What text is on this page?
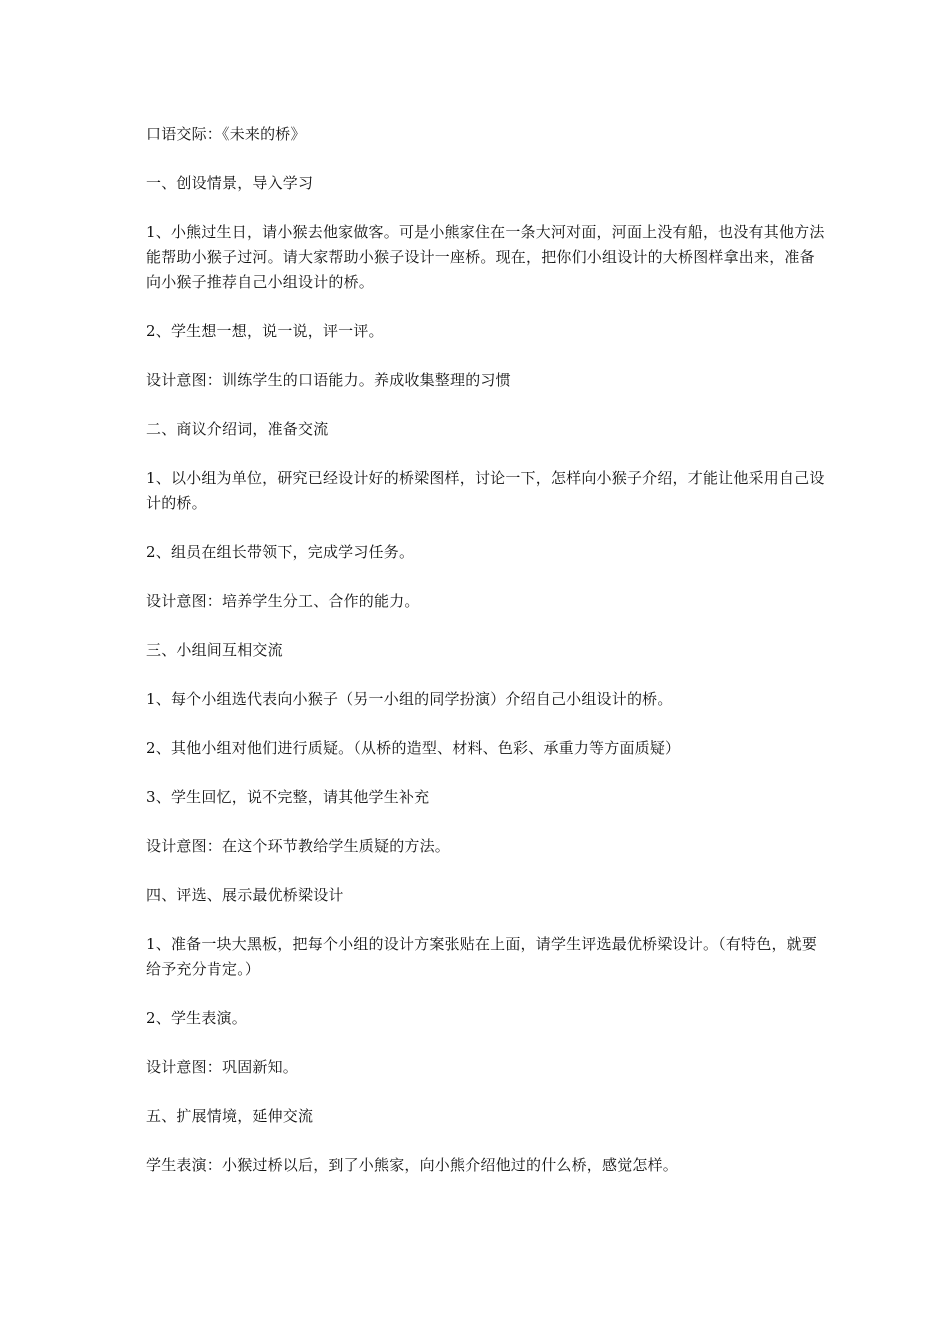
口语交际：《未来的桥》

一、创设情景，导入学习

1、小熊过生日，请小猴去他家做客。可是小熊家住在一条大河对面，河面上没有船，也没有其他方法能帮助小猴子过河。请大家帮助小猴子设计一座桥。现在，把你们小组设计的大桥图样拿出来，准备向小猴子推荐自己小组设计的桥。

2、学生想一想，说一说，评一评。

设计意图：训练学生的口语能力。养成收集整理的习惯

二、商议介绍词，准备交流

1、以小组为单位，研究已经设计好的桥梁图样，讨论一下，怎样向小猴子介绍，才能让他采用自己设计的桥。

2、组员在组长带领下，完成学习任务。

设计意图：培养学生分工、合作的能力。

三、小组间互相交流

1、每个小组选代表向小猴子（另一小组的同学扮演）介绍自己小组设计的桥。

2、其他小组对他们进行质疑。（从桥的造型、材料、色彩、承重力等方面质疑）

3、学生回忆，说不完整，请其他学生补充

设计意图：在这个环节教给学生质疑的方法。

四、评选、展示最优桥梁设计

1、准备一块大黑板，把每个小组的设计方案张贴在上面，请学生评选最优桥梁设计。（有特色，就要给予充分肯定。）

2、学生表演。

设计意图：巩固新知。

五、扩展情境，延伸交流

学生表演：小猴过桥以后，到了小熊家，向小熊介绍他过的什么桥，感觉怎样。
